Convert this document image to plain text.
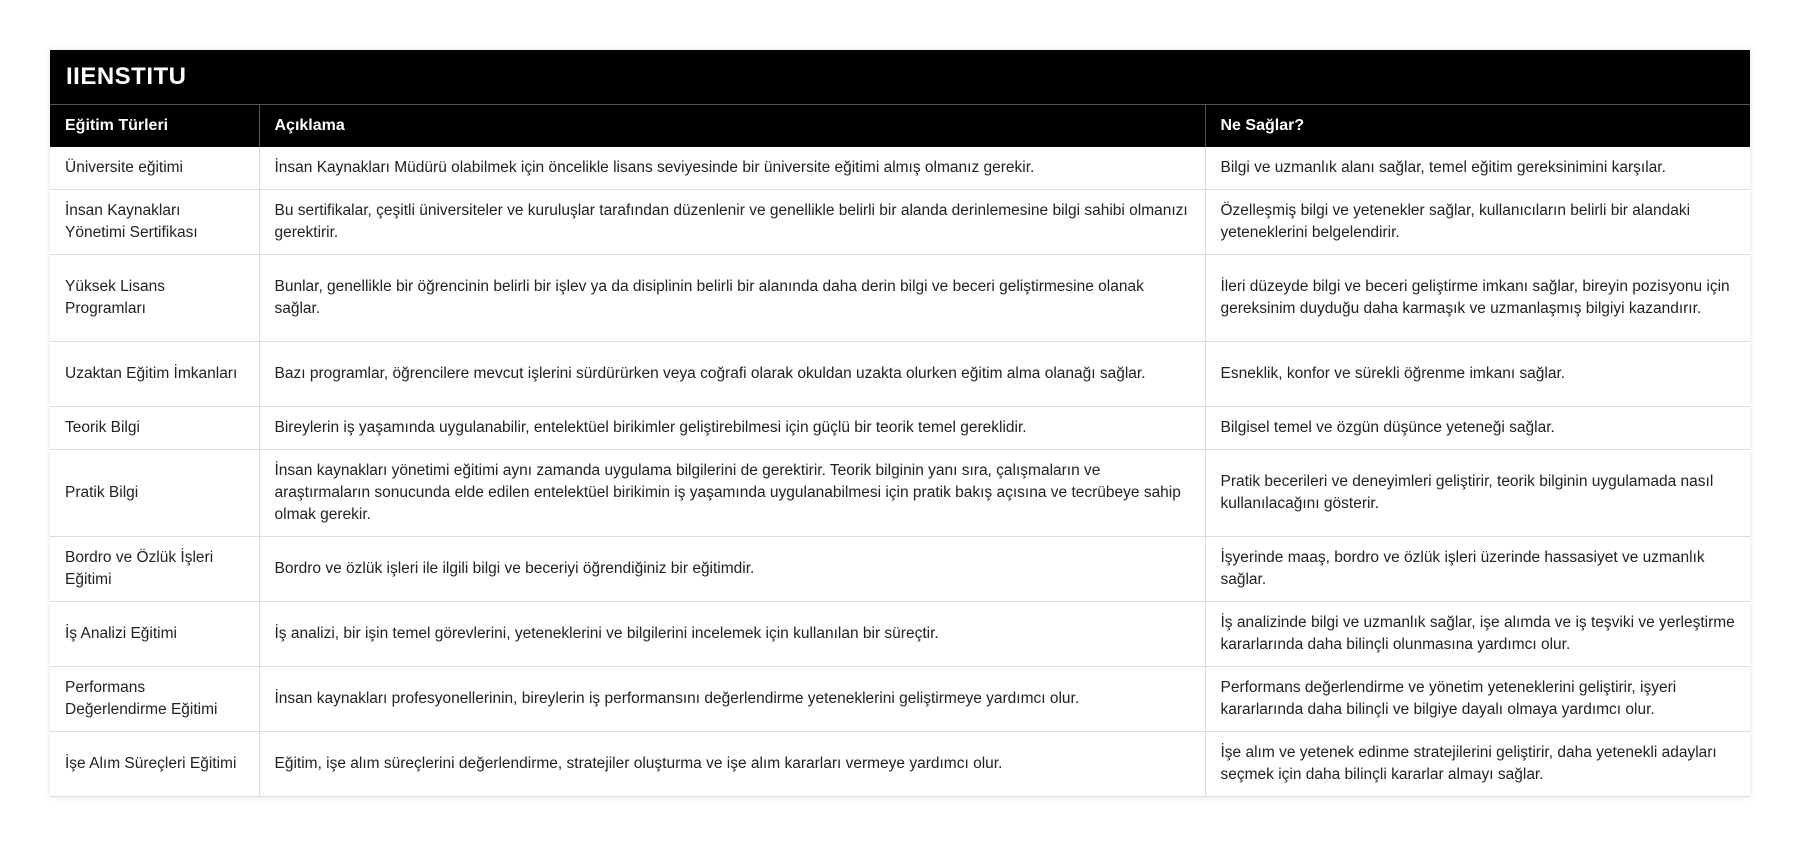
IIENSTITU
Eğitim Türleri	Açıklama	Ne Sağlar?
Üniversite eğitimi	İnsan Kaynakları Müdürü olabilmek için öncelikle lisans seviyesinde bir üniversite eğitimi almış olmanız gerekir.	Bilgi ve uzmanlık alanı sağlar, temel eğitim gereksinimini karşılar.
İnsan Kaynakları Yönetimi Sertifikası	Bu sertifikalar, çeşitli üniversiteler ve kuruluşlar tarafından düzenlenir ve genellikle belirli bir alanda derinlemesine bilgi sahibi olmanızı gerektirir.	Özelleşmiş bilgi ve yetenekler sağlar, kullanıcıların belirli bir alandaki yeteneklerini belgelendirir.
Yüksek Lisans Programları	Bunlar, genellikle bir öğrencinin belirli bir işlev ya da disiplinin belirli bir alanında daha derin bilgi ve beceri geliştirmesine olanak sağlar.	İleri düzeyde bilgi ve beceri geliştirme imkanı sağlar, bireyin pozisyonu için gereksinim duyduğu daha karmaşık ve uzmanlaşmış bilgiyi kazandırır.
Uzaktan Eğitim İmkanları	Bazı programlar, öğrencilere mevcut işlerini sürdürürken veya coğrafi olarak okuldan uzakta olurken eğitim alma olanağı sağlar.	Esneklik, konfor ve sürekli öğrenme imkanı sağlar.
Teorik Bilgi	Bireylerin iş yaşamında uygulanabilir, entelektüel birikimler geliştirebilmesi için güçlü bir teorik temel gereklidir.	Bilgisel temel ve özgün düşünce yeteneği sağlar.
Pratik Bilgi	İnsan kaynakları yönetimi eğitimi aynı zamanda uygulama bilgilerini de gerektirir. Teorik bilginin yanı sıra, çalışmaların ve araştırmaların sonucunda elde edilen entelektüel birikimin iş yaşamında uygulanabilmesi için pratik bakış açısına ve tecrübeye sahip olmak gerekir.	Pratik becerileri ve deneyimleri geliştirir, teorik bilginin uygulamada nasıl kullanılacağını gösterir.
Bordro ve Özlük İşleri Eğitimi	Bordro ve özlük işleri ile ilgili bilgi ve beceriyi öğrendiğiniz bir eğitimdir.	İşyerinde maaş, bordro ve özlük işleri üzerinde hassasiyet ve uzmanlık sağlar.
İş Analizi Eğitimi	İş analizi, bir işin temel görevlerini, yeteneklerini ve bilgilerini incelemek için kullanılan bir süreçtir.	İş analizinde bilgi ve uzmanlık sağlar, işe alımda ve iş teşviki ve yerleştirme kararlarında daha bilinçli olunmasına yardımcı olur.
Performans Değerlendirme Eğitimi	İnsan kaynakları profesyonellerinin, bireylerin iş performansını değerlendirme yeteneklerini geliştirmeye yardımcı olur.	Performans değerlendirme ve yönetim yeteneklerini geliştirir, işyeri kararlarında daha bilinçli ve bilgiye dayalı olmaya yardımcı olur.
İşe Alım Süreçleri Eğitimi	Eğitim, işe alım süreçlerini değerlendirme, stratejiler oluşturma ve işe alım kararları vermeye yardımcı olur.	İşe alım ve yetenek edinme stratejilerini geliştirir, daha yetenekli adayları seçmek için daha bilinçli kararlar almayı sağlar.
